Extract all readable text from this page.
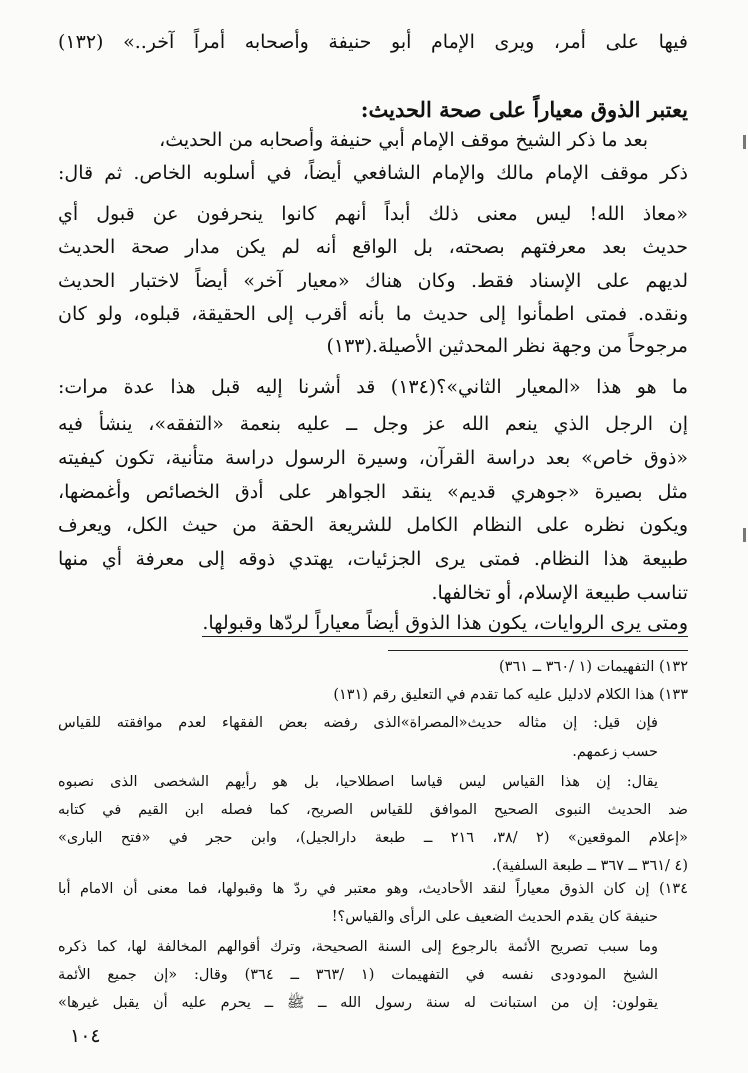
فيها على أمر، ويرى الإمام أبو حنيفة وأصحابه أمراً آخر..» (١٣٢)
يعتبر الذوق معياراً على صحة الحديث:
بعد ما ذكر الشيخ موقف الإمام أبي حنيفة وأصحابه من الحديث،
ذكر موقف الإمام مالك والإمام الشافعي أيضاً، في أسلوبه الخاص. ثم قال:
«معاذ الله! ليس معنى ذلك أبداً أنهم كانوا ينحرفون عن قبول أي
حديث بعد معرفتهم بصحته، بل الواقع أنه لم يكن مدار صحة الحديث
لديهم على الإسناد فقط. وكان هناك «معيار آخر» أيضاً لاختبار الحديث
ونقده. فمتى اطمأنوا إلى حديث ما بأنه أقرب إلى الحقيقة، قبلوه، ولو كان
مرجوحاً من وجهة نظر المحدثين الأصيلة.(١٣٣)
ما هو هذا «المعيار الثاني»؟(١٣٤) قد أشرنا إليه قبل هذا عدة مرات:
إن الرجل الذي ينعم الله عز وجل ــ عليه بنعمة «التفقه»، ينشأ فيه
«ذوق خاص» بعد دراسة القرآن، وسيرة الرسول دراسة متأنية، تكون كيفيته
مثل بصيرة «جوهري قديم» ينقد الجواهر على أدق الخصائص وأغمضها،
ويكون نظره على النظام الكامل للشريعة الحقة من حيث الكل، ويعرف
طبيعة هذا النظام. فمتى يرى الجزئيات، يهتدي ذوقه إلى معرفة أي منها
تناسب طبيعة الإسلام، أو تخالفها.
ومتى يرى الروايات، يكون هذا الذوق أيضاً معياراً لردّها وقبولها.
١٣٢) التفهيمات (١ /٣٦٠ ــ ٣٦١)
١٣٣) هذا الكلام لادليل عليه كما تقدم في التعليق رقم (١٣١)
فإن قيل: إن مثاله حديث«المصراة»الذى رفضه بعض الفقهاء لعدم موافقته للقياس
حسب زعمهم.
يقال: إن هذا القياس ليس قياسا اصطلاحيا، بل هو رأيهم الشخصى الذى نصبوه
ضد الحديث النبوى الصحيح الموافق للقياس الصريح، كما فصله ابن القيم في كتابه
«إعلام الموقعين» (٢ /٣٨، ٢١٦ ــ طبعة دارالجيل)، وابن حجر في «فتح البارى»
(٤ /٣٦١ ــ ٣٦٧ ــ طبعة السلفية).
١٣٤) إن كان الذوق معياراً لنقد الأحاديث، وهو معتبر في ردّ ها وقبولها، فما معنى أن الامام أبا
حنيفة كان يقدم الحديث الضعيف على الرأى والقياس؟!
وما سبب تصريح الأئمة بالرجوع إلى السنة الصحيحة، وترك أقوالهم المخالفة لها، كما ذكره
الشيخ المودودى نفسه في التفهيمات (١ /٣٦٣ ــ ٣٦٤) وقال: «إن جميع الأئمة
يقولون: إن من استبانت له سنة رسول الله ــ ﷺ ــ يحرم عليه أن يقبل غيرها»
١٠٤
